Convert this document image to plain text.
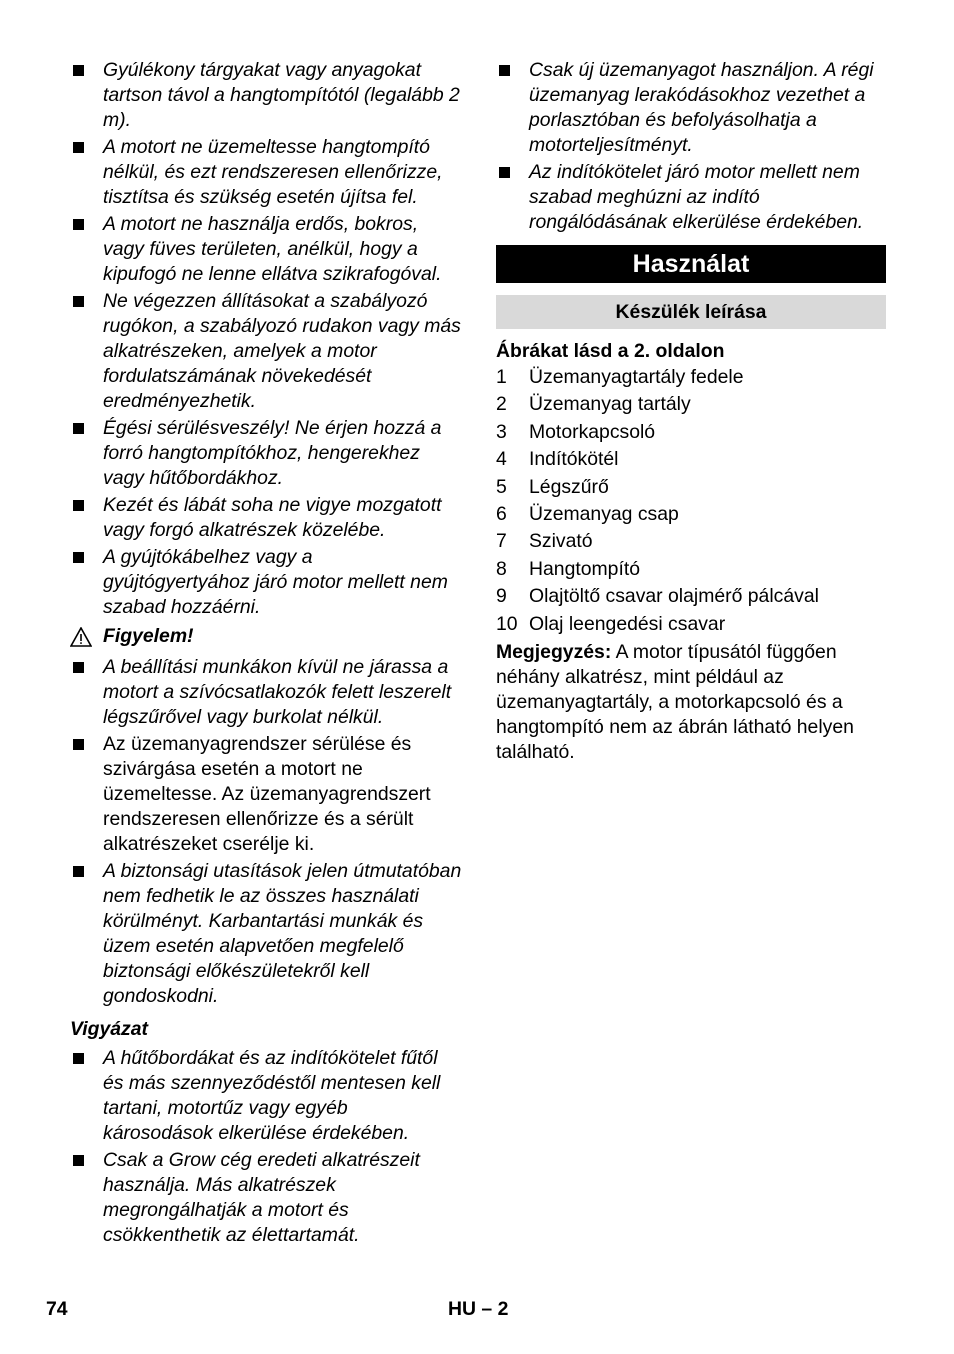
Gyúlékony tárgyakat vagy anyagokat tartson távol a hangtompítótól (legalább 2 m).
A motort ne üzemeltesse hangtompító nélkül, és ezt rendszeresen ellenőrizze, tisztítsa és szükség esetén újítsa fel.
A motort ne használja erdős, bokros, vagy füves területen, anélkül, hogy a kipufogó ne lenne ellátva szikrafogóval.
Ne végezzen állításokat a szabályozó rugókon, a szabályozó rudakon vagy más alkatrészeken, amelyek a motor fordulatszámának növekedését eredményezhetik.
Égési sérülésveszély! Ne érjen hozzá a forró hangtompítókhoz, hengerekhez vagy hűtőbordákhoz.
Kezét és lábát soha ne vigye mozgatott vagy forgó alkatrészek közelébe.
A gyújtókábelhez vagy a gyújtógyertyához járó motor mellett nem szabad hozzáérni.
Figyelem!
A beállítási munkákon kívül ne járassa a motort a szívócsatlakozók felett leszerelt légszűrővel vagy burkolat nélkül.
Az üzemanyagrendszer sérülése és szivárgása esetén a motort ne üzemeltesse. Az üzemanyagrendszert rendszeresen ellenőrizze és a sérült alkatrészeket cserélje ki.
A biztonsági utasítások jelen útmutatóban nem fedhetik le az összes használati körülményt. Karbantartási munkák és üzem esetén alapvetően megfelelő biztonsági előkészületekről kell gondoskodni.
Vigyázat
A hűtőbordákat és az indítókötelet fűtől és más szennyeződéstől mentesen kell tartani, motortűz vagy egyéb károsodások elkerülése érdekében.
Csak a Grow cég eredeti alkatrészeit használja. Más alkatrészek megrongálhatják a motort és csökkenthetik az élettartamát.
Csak új üzemanyagot használjon. A régi üzemanyag lerakódásokhoz vezethet a porlasztóban és befolyásolhatja a motorteljesítményt.
Az indítókötelet járó motor mellett nem szabad meghúzni az indító rongálódásának elkerülése érdekében.
Használat
Készülék leírása
Ábrákat lásd a 2. oldalon
1 Üzemanyagtartály fedele
2 Üzemanyag tartály
3 Motorkapcsoló
4 Indítókötél
5 Légszűrő
6 Üzemanyag csap
7 Szivató
8 Hangtompító
9 Olajtöltő csavar olajmérő pálcával
10 Olaj leengedési csavar
Megjegyzés: A motor típusától függően néhány alkatrész, mint például az üzemanyagtartály, a motorkapcsoló és a hangtompító nem az ábrán látható helyen található.
74	HU – 2
